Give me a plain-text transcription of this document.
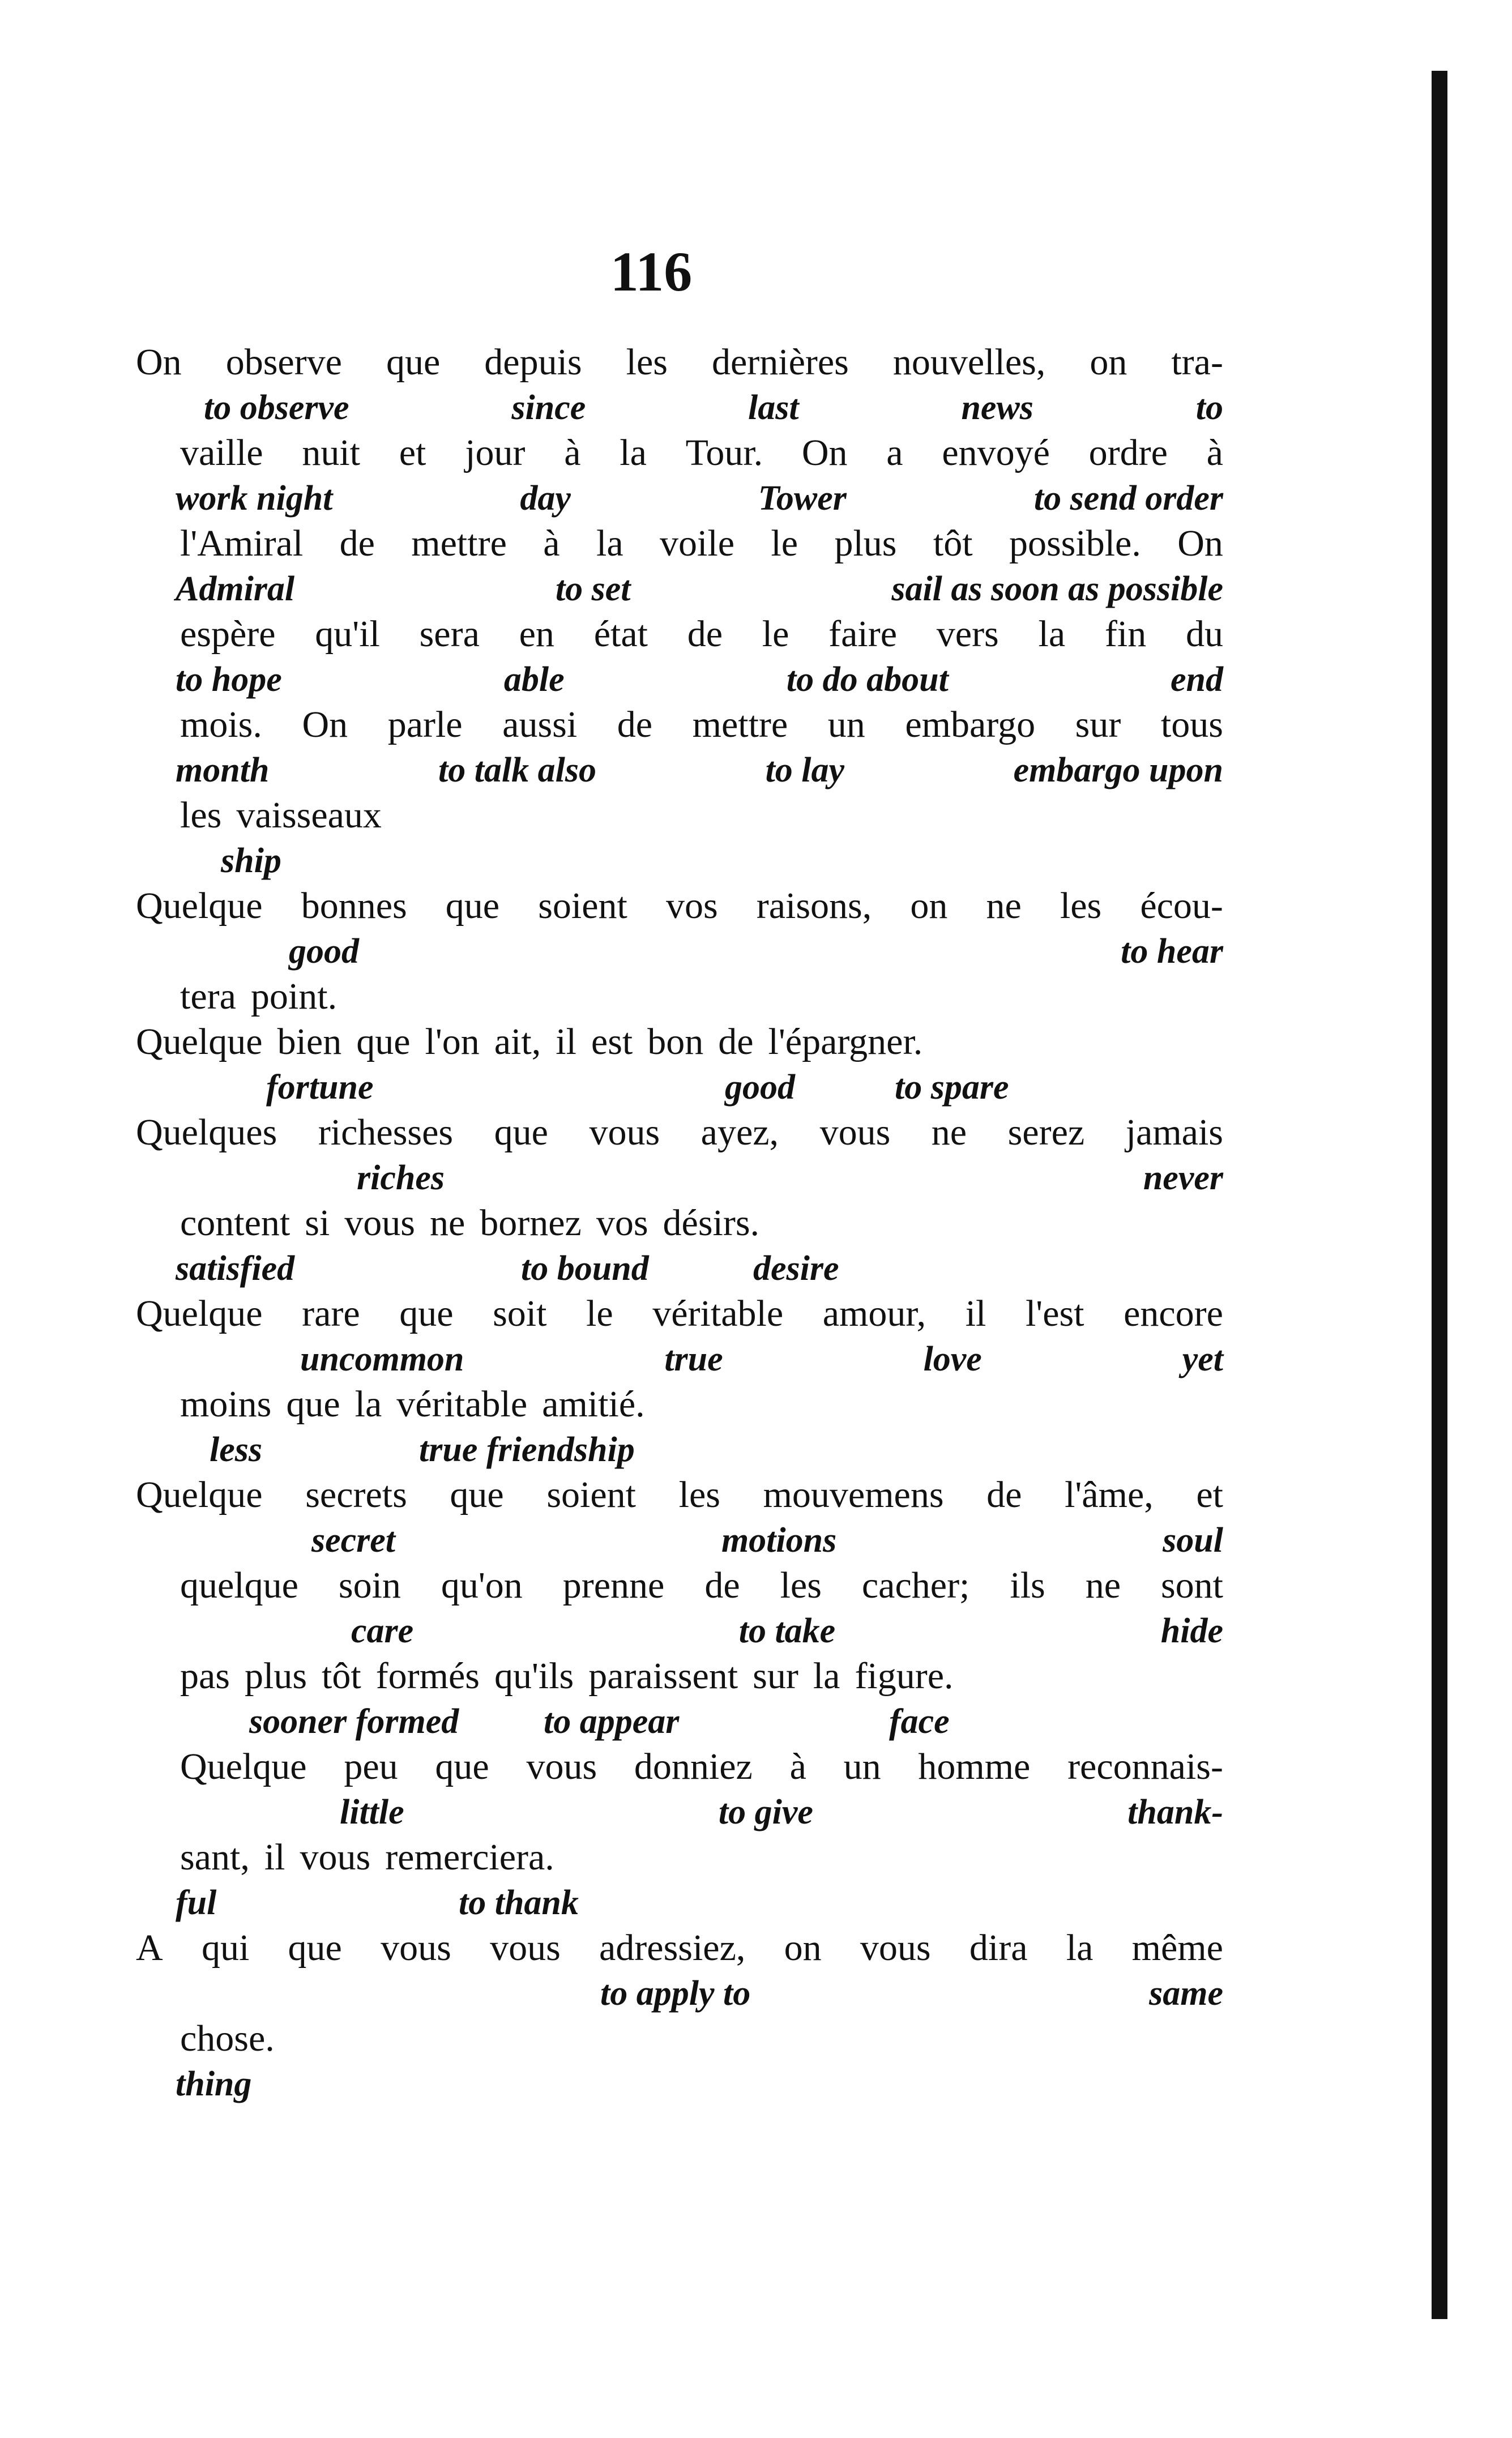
116
On observe que depuis les dernières nouvelles, on tra-
to observe	since	last	news	to
vaille nuit et jour à la Tour. On a envoyé ordre à
work night	day	Tower	to send order
l'Amiral de mettre à la voile le plus tôt possible. On
Admiral	to set	sail as soon as possible
espère qu'il sera en état de le faire vers la fin du
to hope	able	to do about	end
mois. On parle aussi de mettre un embargo sur tous
month	to talk also	to lay	embargo upon
les vaisseaux
ship
Quelque bonnes que soient vos raisons, on ne les écou-
good	to hear
tera point.
Quelque bien que l'on ait, il est bon de l'épargner.
fortune	good	to spare
Quelques richesses que vous ayez, vous ne serez jamais
riches	never
content si vous ne bornez vos désirs.
satisfied	to bound	desire
Quelque rare que soit le véritable amour, il l'est encore
uncommon	true	love	yet
moins que la véritable amitié.
less	true friendship
Quelque secrets que soient les mouvemens de l'âme, et
secret	motions	soul
quelque soin qu'on prenne de les cacher; ils ne sont
care	to take	hide
pas plus tôt formés qu'ils paraissent sur la figure.
sooner formed to appear	face
Quelque peu que vous donniez à un homme reconnais-
little	to give	thank-
sant, il vous remerciera.
ful	to thank
A qui que vous vous adressiez, on vous dira la même
to apply to	same
chose.
thing
